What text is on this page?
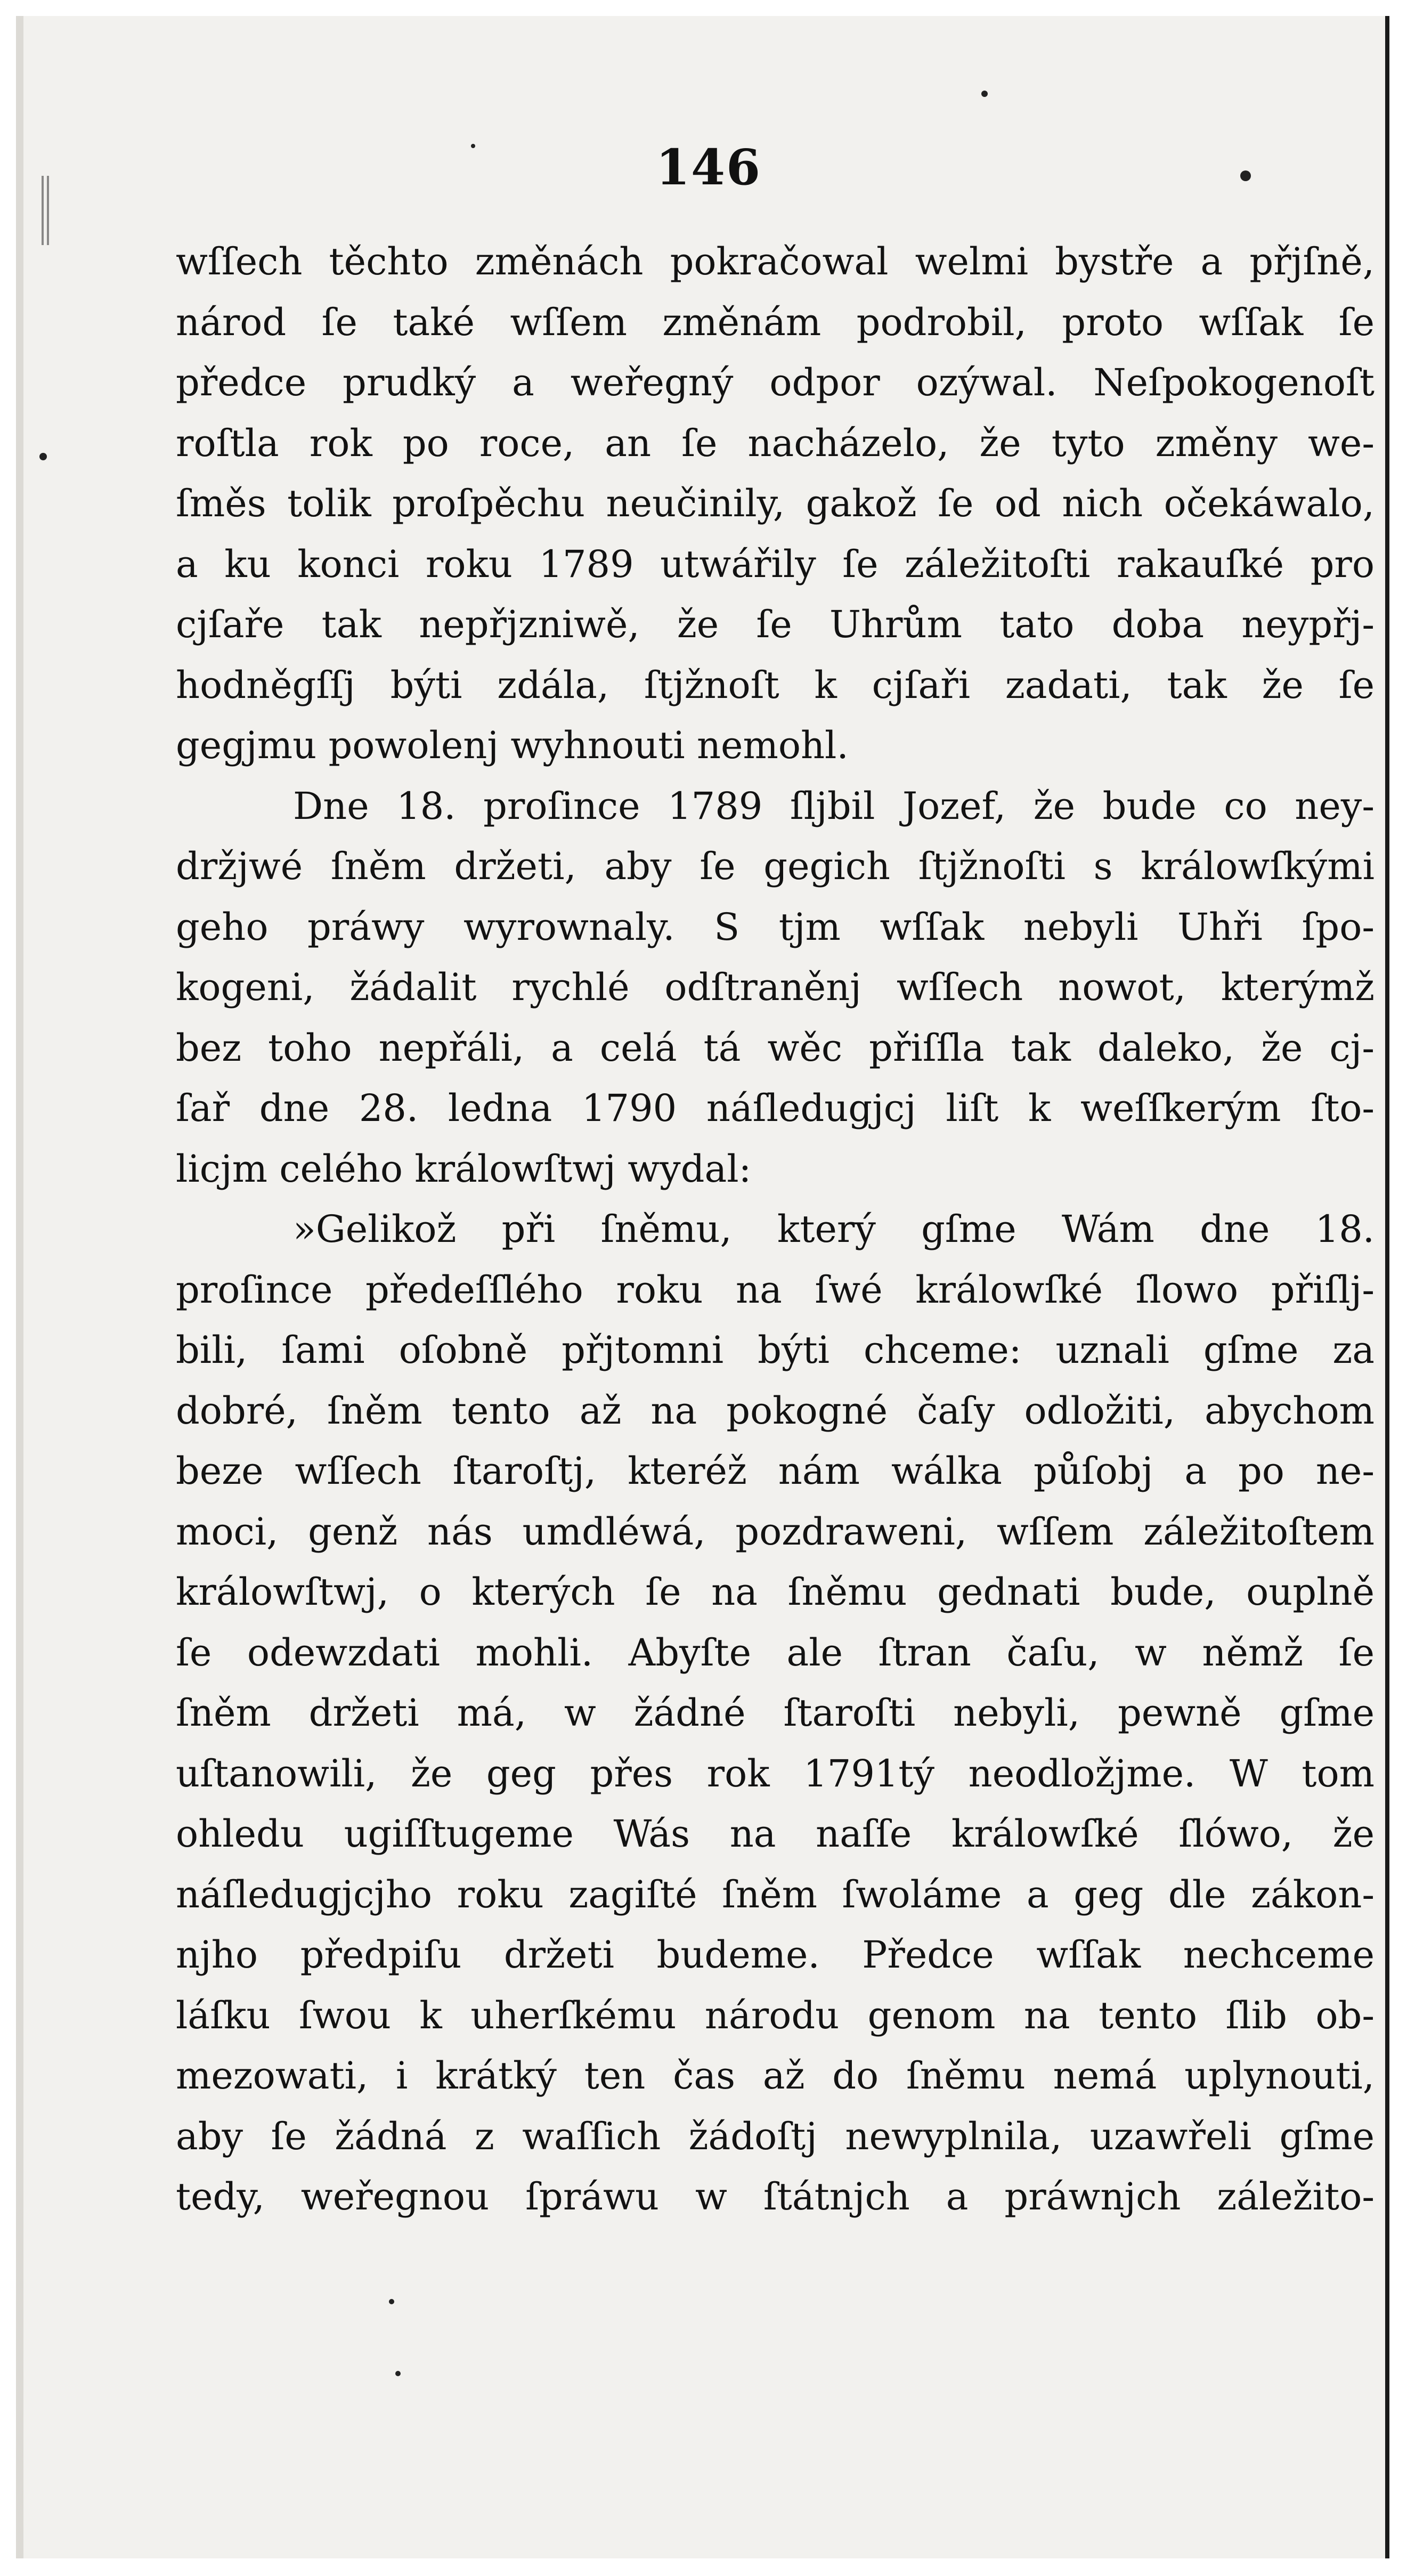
146
wſſech těchto změnách pokračowal welmi bystře a přjſně,
národ ſe také wſſem změnám podrobil, proto wſſak ſe
předce prudký a weřegný odpor ozýwal. Neſpokogenoſt
roſtla rok po roce, an ſe nacházelo, že tyto změny we-
ſměs tolik proſpěchu neučinily, gakož ſe od nich očekáwalo,
a ku konci roku 1789 utwářily ſe záležitoſti rakauſké pro
cjſaře tak nepřjzniwě, že ſe Uhrům tato doba neypřj-
hodněgſſj býti zdála, ſtjžnoſt k cjſaři zadati, tak že ſe
gegjmu powolenj wyhnouti nemohl.
Dne 18. proſince 1789 ſljbil Jozef, že bude co ney-
držjwé ſněm držeti, aby ſe gegich ſtjžnoſti s králowſkými
geho práwy wyrownaly. S tjm wſſak nebyli Uhři ſpo-
kogeni, žádalit rychlé odſtraněnj wſſech nowot, kterýmž
bez toho nepřáli, a celá tá wěc přiſſla tak daleko, že cj-
ſař dne 28. ledna 1790 náſledugjcj liſt k weſſkerým ſto-
licjm celého králowſtwj wydal:
»Gelikož při ſněmu, který gſme Wám dne 18.
proſince předeſſlého roku na ſwé králowſké ſlowo přiſlj-
bili, ſami oſobně přjtomni býti chceme: uznali gſme za
dobré, ſněm tento až na pokogné čaſy odložiti, abychom
beze wſſech ſtaroſtj, kteréž nám wálka půſobj a po ne-
moci, genž nás umdléwá, pozdraweni, wſſem záležitoſtem
králowſtwj, o kterých ſe na ſněmu gednati bude, ouplně
ſe odewzdati mohli. Abyſte ale ſtran čaſu, w němž ſe
ſněm držeti má, w žádné ſtaroſti nebyli, pewně gſme
uſtanowili, že geg přes rok 1791tý neodložjme. W tom
ohledu ugiſſtugeme Wás na naſſe králowſké ſlówo, že
náſledugjcjho roku zagiſté ſněm ſwoláme a geg dle zákon-
njho předpiſu držeti budeme. Předce wſſak nechceme
láſku ſwou k uherſkému národu genom na tento ſlib ob-
mezowati, i krátký ten čas až do ſněmu nemá uplynouti,
aby ſe žádná z waſſich žádoſtj newyplnila, uzawřeli gſme
tedy, weřegnou ſpráwu w ſtátnjch a práwnjch záležito-
